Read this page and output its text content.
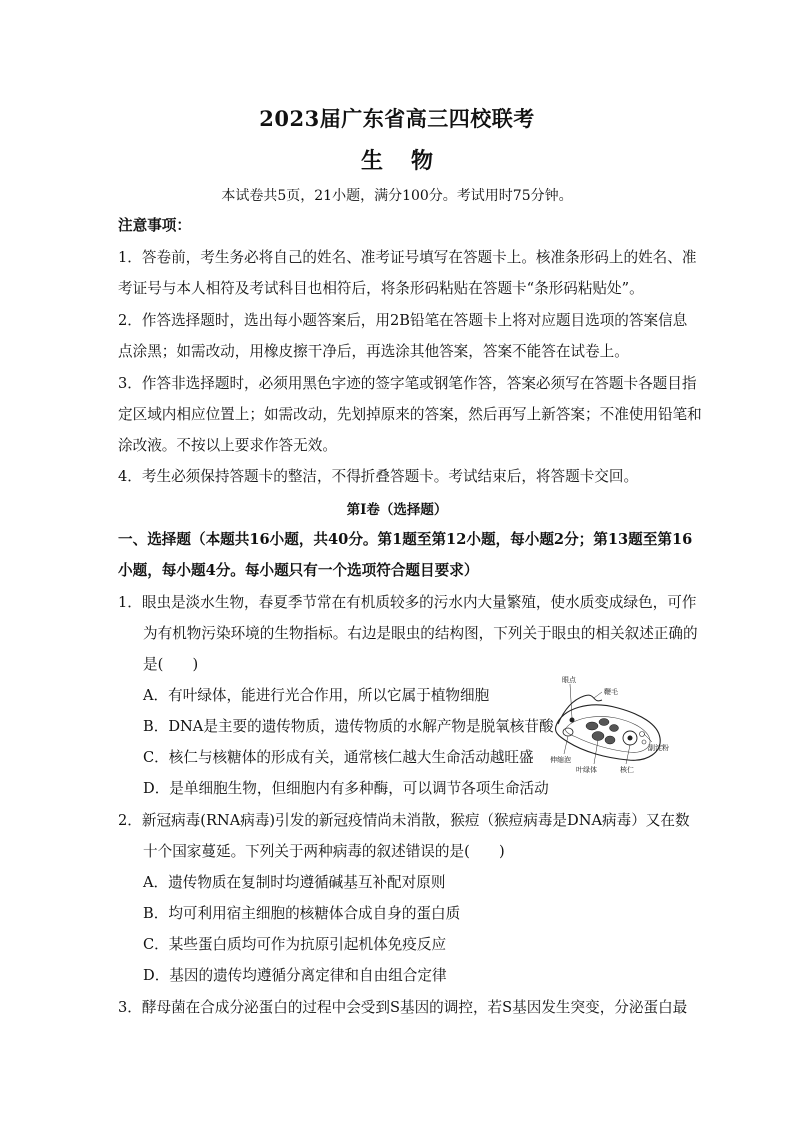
2023届广东省高三四校联考
生物
本试卷共5页，21小题，满分100分。考试用时75分钟。
注意事项：
1．答卷前，考生务必将自己的姓名、准考证号填写在答题卡上。核准条形码上的姓名、准
考证号与本人相符及考试科目也相符后，将条形码粘贴在答题卡“条形码粘贴处”。
2．作答选择题时，选出每小题答案后，用2B铅笔在答题卡上将对应题目选项的答案信息
点涂黑；如需改动，用橡皮擦干净后，再选涂其他答案，答案不能答在试卷上。
3．作答非选择题时，必须用黑色字迹的签字笔或钢笔作答，答案必须写在答题卡各题目指
定区域内相应位置上；如需改动，先划掉原来的答案，然后再写上新答案；不准使用铅笔和
涂改液。不按以上要求作答无效。
4．考生必须保持答题卡的整洁，不得折叠答题卡。考试结束后，将答题卡交回。
第Ⅰ卷（选择题）
一、选择题（本题共16小题，共40分。第1题至第12小题，每小题2分；第13题至第16
小题，每小题4分。每小题只有一个选项符合题目要求）
1．眼虫是淡水生物，春夏季节常在有机质较多的污水内大量繁殖，使水质变成绿色，可作
为有机物污染环境的生物指标。右边是眼虫的结构图，下列关于眼虫的相关叙述正确的
是(　　)
A．有叶绿体，能进行光合作用，所以它属于植物细胞
B．DNA是主要的遗传物质，遗传物质的水解产物是脱氧核苷酸
C．核仁与核糖体的形成有关，通常核仁越大生命活动越旺盛
D．是单细胞生物，但细胞内有多种酶，可以调节各项生命活动
眼点
鞭毛
副淀粉
伸缩泡
叶绿体	核仁
2．新冠病毒(RNA病毒)引发的新冠疫情尚未消散，猴痘（猴痘病毒是DNA病毒）又在数
十个国家蔓延。下列关于两种病毒的叙述错误的是(　　)
A．遗传物质在复制时均遵循碱基互补配对原则
B．均可利用宿主细胞的核糖体合成自身的蛋白质
C．某些蛋白质均可作为抗原引起机体免疫反应
D．基因的遗传均遵循分离定律和自由组合定律
3．酵母菌在合成分泌蛋白的过程中会受到S基因的调控，若S基因发生突变，分泌蛋白最
